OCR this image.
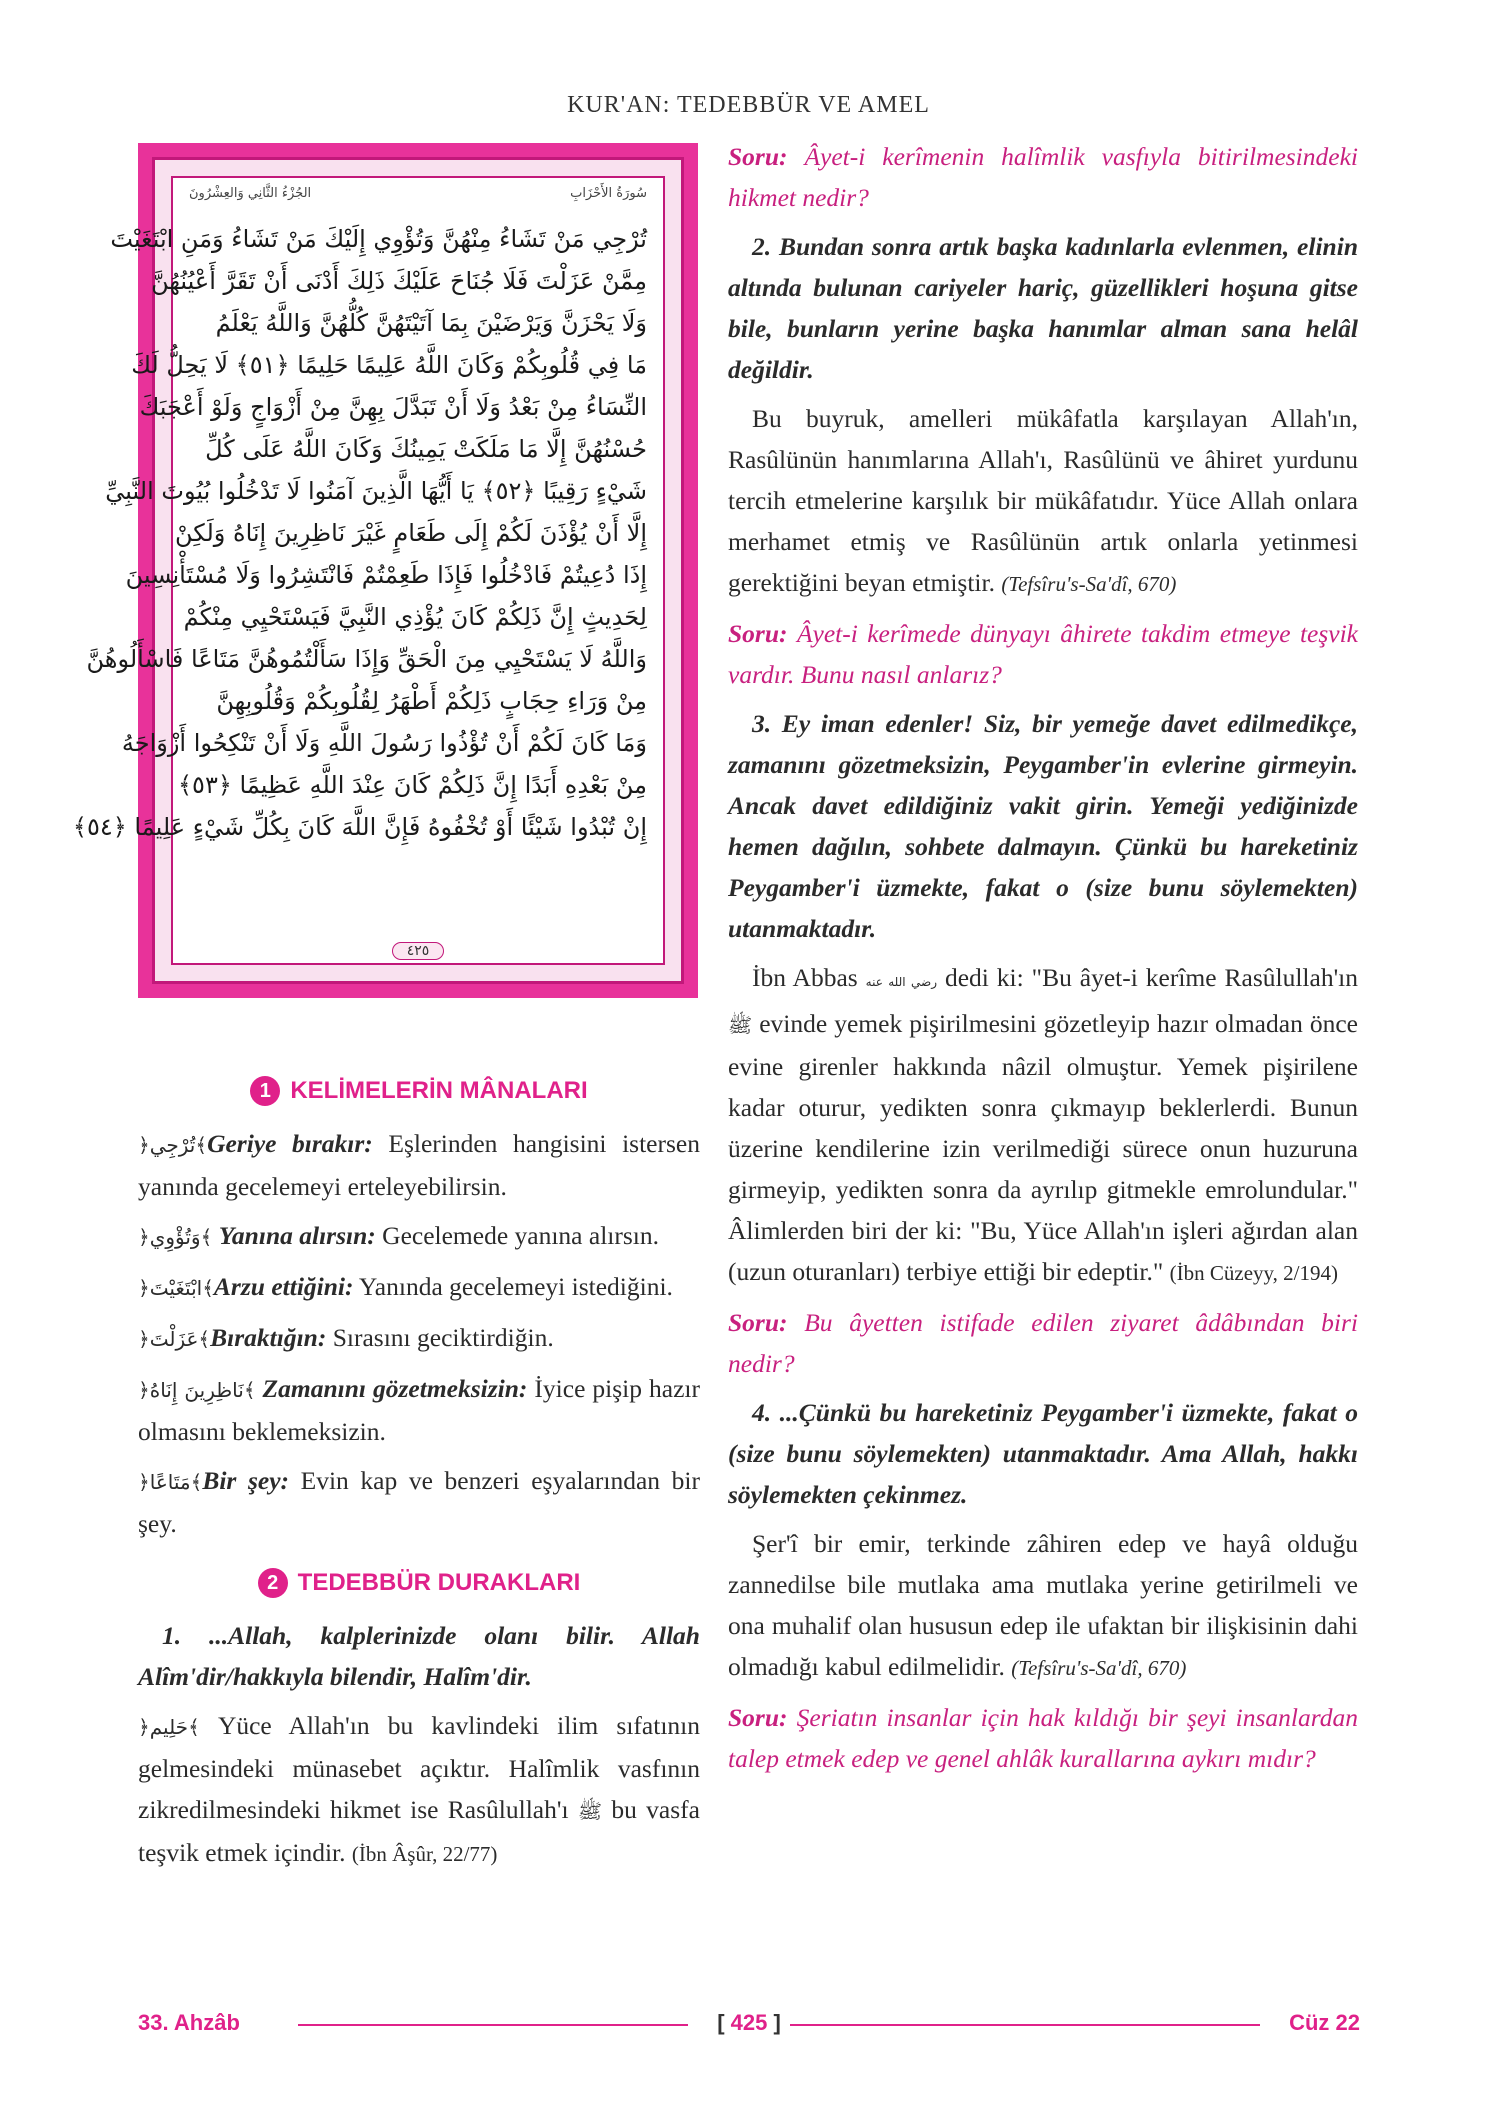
KUR'AN: TEDEBBÜR VE AMEL
الجُزْءُ الثَّانِي وَالعِشْرُونَ	سُورَةُ الأَحْزَابِ
تُرْجِي مَنْ تَشَاءُ مِنْهُنَّ وَتُؤْوِي إِلَيْكَ مَنْ تَشَاءُ وَمَنِ ابْتَغَيْتَ
مِمَّنْ عَزَلْتَ فَلَا جُنَاحَ عَلَيْكَ ذَلِكَ أَدْنَى أَنْ تَقَرَّ أَعْيُنُهُنَّ
وَلَا يَحْزَنَّ وَيَرْضَيْنَ بِمَا آتَيْتَهُنَّ كُلُّهُنَّ وَاللَّهُ يَعْلَمُ
مَا فِي قُلُوبِكُمْ وَكَانَ اللَّهُ عَلِيمًا حَلِيمًا ﴿٥١﴾ لَا يَحِلُّ لَكَ
النِّسَاءُ مِنْ بَعْدُ وَلَا أَنْ تَبَدَّلَ بِهِنَّ مِنْ أَزْوَاجٍ وَلَوْ أَعْجَبَكَ
حُسْنُهُنَّ إِلَّا مَا مَلَكَتْ يَمِينُكَ وَكَانَ اللَّهُ عَلَى كُلِّ
شَيْءٍ رَقِيبًا ﴿٥٢﴾ يَا أَيُّهَا الَّذِينَ آمَنُوا لَا تَدْخُلُوا بُيُوتَ النَّبِيِّ
إِلَّا أَنْ يُؤْذَنَ لَكُمْ إِلَى طَعَامٍ غَيْرَ نَاظِرِينَ إِنَاهُ وَلَكِنْ
إِذَا دُعِيتُمْ فَادْخُلُوا فَإِذَا طَعِمْتُمْ فَانْتَشِرُوا وَلَا مُسْتَأْنِسِينَ
لِحَدِيثٍ إِنَّ ذَلِكُمْ كَانَ يُؤْذِي النَّبِيَّ فَيَسْتَحْيِي مِنْكُمْ
وَاللَّهُ لَا يَسْتَحْيِي مِنَ الْحَقِّ وَإِذَا سَأَلْتُمُوهُنَّ مَتَاعًا فَاسْأَلُوهُنَّ
مِنْ وَرَاءِ حِجَابٍ ذَلِكُمْ أَطْهَرُ لِقُلُوبِكُمْ وَقُلُوبِهِنَّ
وَمَا كَانَ لَكُمْ أَنْ تُؤْذُوا رَسُولَ اللَّهِ وَلَا أَنْ تَنْكِحُوا أَزْوَاجَهُ
مِنْ بَعْدِهِ أَبَدًا إِنَّ ذَلِكُمْ كَانَ عِنْدَ اللَّهِ عَظِيمًا ﴿٥٣﴾
إِنْ تُبْدُوا شَيْئًا أَوْ تُخْفُوهُ فَإِنَّ اللَّهَ كَانَ بِكُلِّ شَيْءٍ عَلِيمًا ﴿٥٤﴾
٤٢٥
1 KELİMELERİN MÂNALARI

﴿تُرْجِي﴾Geriye bırakır: Eşlerinden hangisini istersen yanında gecelemeyi erteleyebilirsin.

﴿وَتُؤْوِي﴾ Yanına alırsın: Gecelemede yanına alırsın.

﴿ابْتَغَيْتَ﴾Arzu ettiğini: Yanında gecelemeyi istediğini.

﴿عَزَلْتَ﴾Bıraktığın: Sırasını geciktirdiğin.

﴿نَاظِرِينَ إِنَاهُ﴾ Zamanını gözetmeksizin: İyice pişip hazır olmasını beklemeksizin.

﴿مَتَاعًا﴾Bir şey: Evin kap ve benzeri eşyalarından bir şey.

2 TEDEBBÜR DURAKLARI

1. ...Allah, kalplerinizde olanı bilir. Allah Alîm'dir/hakkıyla bilendir, Halîm'dir.

﴿حَلِيم﴾ Yüce Allah'ın bu kavlindeki ilim sıfatının gelmesindeki münasebet açıktır. Halîmlik vasfının zikredilmesindeki hikmet ise Rasûlullah'ı ﷺ bu vasfa teşvik etmek içindir. (İbn Âşûr, 22/77)

Soru: Âyet-i kerîmenin halîmlik vasfıyla bitirilmesindeki hikmet nedir?

2. Bundan sonra artık başka kadınlarla evlenmen, elinin altında bulunan cariyeler hariç, güzellikleri hoşuna gitse bile, bunların yerine başka hanımlar alman sana helâl değildir.

Bu buyruk, amelleri mükâfatla karşılayan Allah'ın, Rasûlünün hanımlarına Allah'ı, Rasûlünü ve âhiret yurdunu tercih etmelerine karşılık bir mükâfatıdır. Yüce Allah onlara merhamet etmiş ve Rasûlünün artık onlarla yetinmesi gerektiğini beyan etmiştir. (Tefsîru's-Sa'dî, 670)

Soru: Âyet-i kerîmede dünyayı âhirete takdim etmeye teşvik vardır. Bunu nasıl anlarız?

3. Ey iman edenler! Siz, bir yemeğe davet edilmedikçe, zamanını gözetmeksizin, Peygamber'in evlerine girmeyin. Ancak davet edildiğiniz vakit girin. Yemeği yediğinizde hemen dağılın, sohbete dalmayın. Çünkü bu hareketiniz Peygamber'i üzmekte, fakat o (size bunu söylemekten) utanmaktadır.

İbn Abbas رضي الله عنه dedi ki: "Bu âyet-i kerîme Rasûlullah'ın ﷺ evinde yemek pişirilmesini gözetleyip hazır olmadan önce evine girenler hakkında nâzil olmuştur. Yemek pişirilene kadar oturur, yedikten sonra çıkmayıp beklerlerdi. Bunun üzerine kendilerine izin verilmediği sürece onun huzuruna girmeyip, yedikten sonra da ayrılıp gitmekle emrolundular." Âlimlerden biri der ki: "Bu, Yüce Allah'ın işleri ağırdan alan (uzun oturanları) terbiye ettiği bir edeptir." (İbn Cüzeyy, 2/194)

Soru: Bu âyetten istifade edilen ziyaret âdâbından biri nedir?

4. ...Çünkü bu hareketiniz Peygamber'i üzmekte, fakat o (size bunu söylemekten) utanmaktadır. Ama Allah, hakkı söylemekten çekinmez.

Şer'î bir emir, terkinde zâhiren edep ve hayâ olduğu zannedilse bile mutlaka ama mutlaka yerine getirilmeli ve ona muhalif olan hususun edep ile ufaktan bir ilişkisinin dahi olmadığı kabul edilmelidir. (Tefsîru's-Sa'dî, 670)

Soru: Şeriatın insanlar için hak kıldığı bir şeyi insanlardan talep etmek edep ve genel ahlâk kurallarına aykırı mıdır?

33. Ahzâb	[ 425 ]	Cüz 22
